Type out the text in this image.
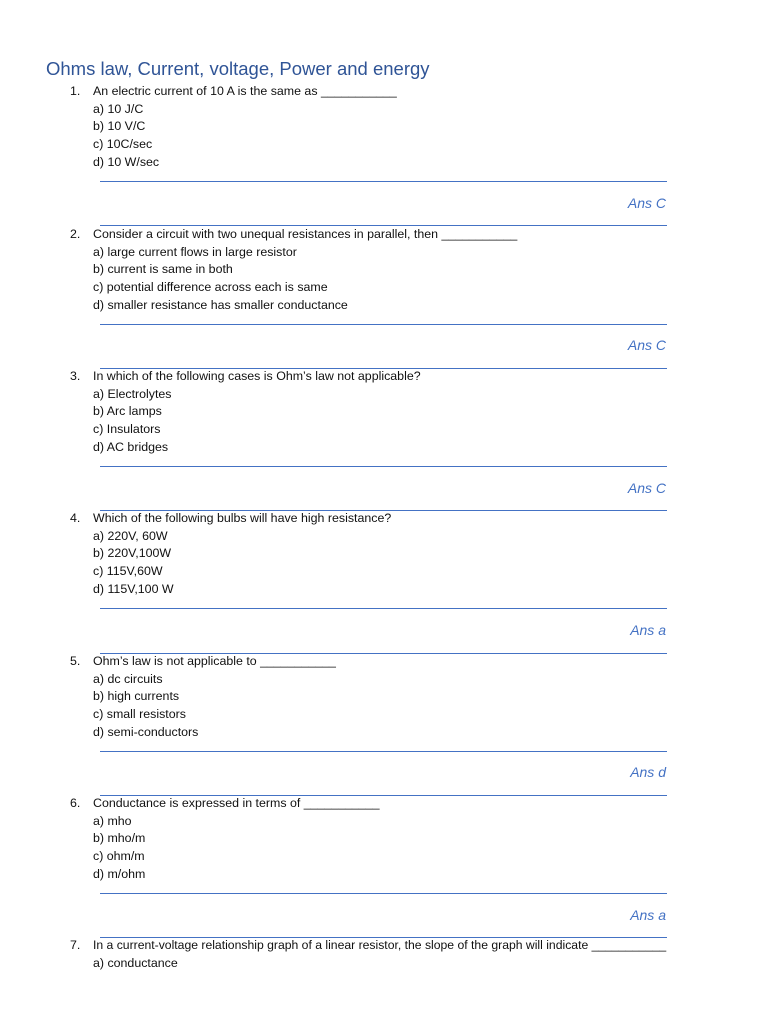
Ohms law, Current, voltage, Power and energy
1. An electric current of 10 A is the same as ___________
a) 10 J/C
b) 10 V/C
c) 10C/sec
d) 10 W/sec
Ans C
2. Consider a circuit with two unequal resistances in parallel, then ___________
a) large current flows in large resistor
b) current is same in both
c) potential difference across each is same
d) smaller resistance has smaller conductance
Ans C
3. In which of the following cases is Ohm’s law not applicable?
a) Electrolytes
b) Arc lamps
c) Insulators
d) AC bridges
Ans C
4. Which of the following bulbs will have high resistance?
a) 220V, 60W
b) 220V,100W
c) 115V,60W
d) 115V,100 W
Ans a
5. Ohm’s law is not applicable to ___________
a) dc circuits
b) high currents
c) small resistors
d) semi-conductors
Ans d
6. Conductance is expressed in terms of ___________
a) mho
b) mho/m
c) ohm/m
d) m/ohm
Ans a
7. In a current-voltage relationship graph of a linear resistor, the slope of the graph will indicate ___________
a) conductance
